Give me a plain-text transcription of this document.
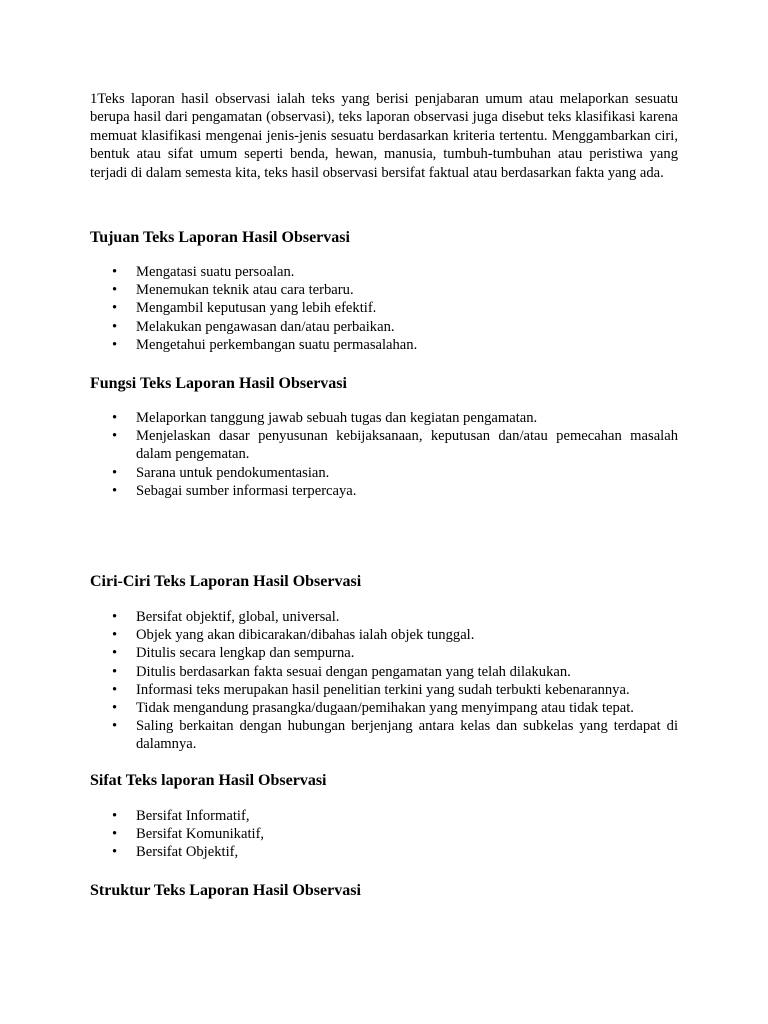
1Teks laporan hasil observasi ialah teks yang berisi penjabaran umum atau melaporkan sesuatu berupa hasil dari pengamatan (observasi), teks laporan observasi juga disebut teks klasifikasi karena memuat klasifikasi mengenai jenis-jenis sesuatu berdasarkan kriteria tertentu. Menggambarkan ciri, bentuk atau sifat umum seperti benda, hewan, manusia, tumbuh-tumbuhan atau peristiwa yang terjadi di dalam semesta kita, teks hasil observasi bersifat faktual atau berdasarkan fakta yang ada.

Tujuan Teks Laporan Hasil Observasi
• Mengatasi suatu persoalan.
• Menemukan teknik atau cara terbaru.
• Mengambil keputusan yang lebih efektif.
• Melakukan pengawasan dan/atau perbaikan.
• Mengetahui perkembangan suatu permasalahan.
Fungsi Teks Laporan Hasil Observasi
• Melaporkan tanggung jawab sebuah tugas dan kegiatan pengamatan.
• Menjelaskan dasar penyusunan kebijaksanaan, keputusan dan/atau pemecahan masalah dalam pengematan.
• Sarana untuk pendokumentasian.
• Sebagai sumber informasi terpercaya.
Ciri-Ciri Teks Laporan Hasil Observasi
• Bersifat objektif, global, universal.
• Objek yang akan dibicarakan/dibahas ialah objek tunggal.
• Ditulis secara lengkap dan sempurna.
• Ditulis berdasarkan fakta sesuai dengan pengamatan yang telah dilakukan.
• Informasi teks merupakan hasil penelitian terkini yang sudah terbukti kebenarannya.
• Tidak mengandung prasangka/dugaan/pemihakan yang menyimpang atau tidak tepat.
• Saling berkaitan dengan hubungan berjenjang antara kelas dan subkelas yang terdapat di dalamnya.
Sifat Teks laporan Hasil Observasi
• Bersifat Informatif,
• Bersifat Komunikatif,
• Bersifat Objektif,
Struktur Teks Laporan Hasil Observasi
